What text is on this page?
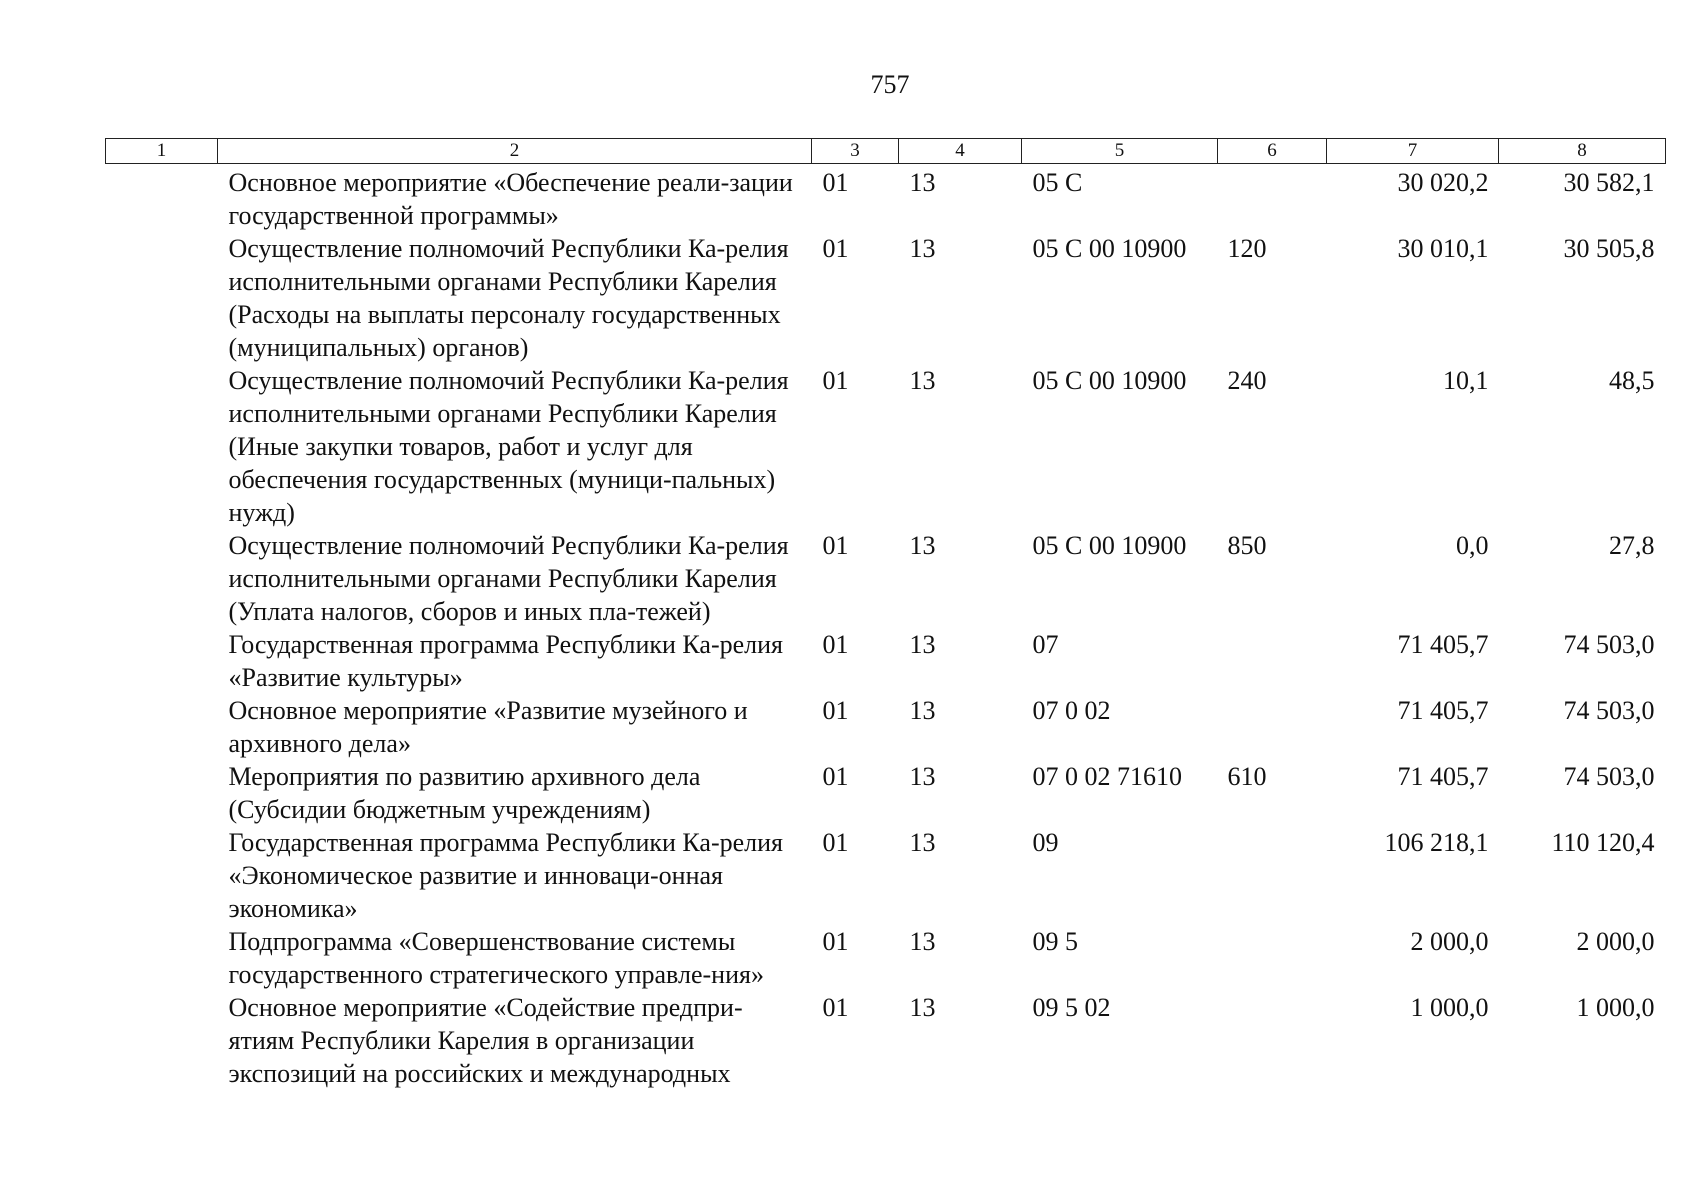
757
1	2	3	4	5	6	7	8
	Основное мероприятие «Обеспечение реали-зации государственной программы»	01	13	05 С		30 020,2	30 582,1
	Осуществление полномочий Республики Ка-релия исполнительными органами Республики Карелия (Расходы на выплаты персоналу государственных (муниципальных) органов)	01	13	05 С 00 10900	120	30 010,1	30 505,8
	Осуществление полномочий Республики Ка-релия исполнительными органами Республики Карелия (Иные закупки товаров, работ и услуг для обеспечения государственных (муници-пальных) нужд)	01	13	05 С 00 10900	240	10,1	48,5
	Осуществление полномочий Республики Ка-релия исполнительными органами Республики Карелия (Уплата налогов, сборов и иных пла-тежей)	01	13	05 С 00 10900	850	0,0	27,8
	Государственная программа Республики Ка-релия «Развитие культуры»	01	13	07		71 405,7	74 503,0
	Основное мероприятие «Развитие музейного и архивного дела»	01	13	07 0 02		71 405,7	74 503,0
	Мероприятия по развитию архивного дела (Субсидии бюджетным учреждениям)	01	13	07 0 02 71610	610	71 405,7	74 503,0
	Государственная программа Республики Ка-релия «Экономическое развитие и инноваци-онная экономика»	01	13	09		106 218,1	110 120,4
	Подпрограмма «Совершенствование системы государственного стратегического управле-ния»	01	13	09 5		2 000,0	2 000,0
	Основное мероприятие «Содействие предпри-ятиям Республики Карелия в организации экспозиций на российских и международных	01	13	09 5 02		1 000,0	1 000,0
